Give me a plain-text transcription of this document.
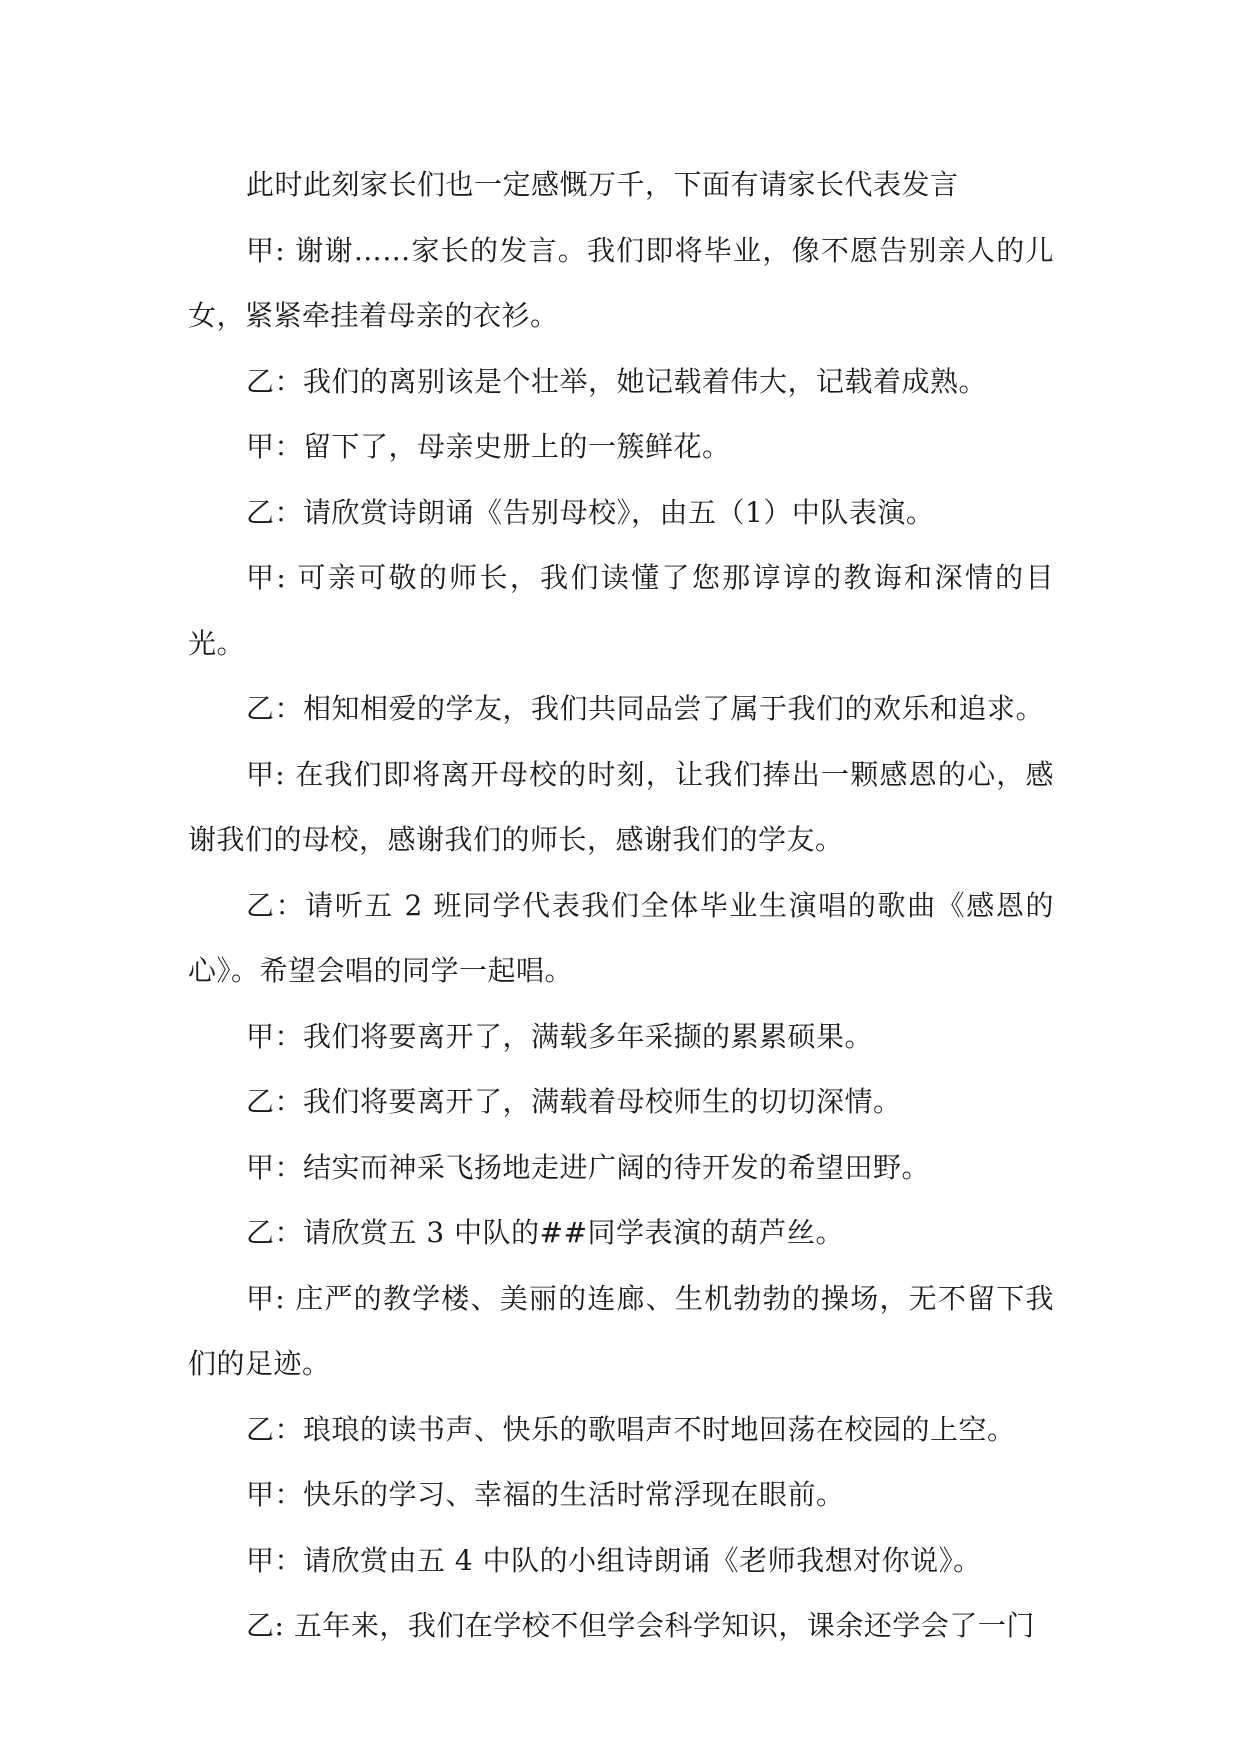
此时此刻家长们也一定感慨万千，下面有请家长代表发言

甲: 谢谢……家长的发言。我们即将毕业，像不愿告别亲人的儿女，紧紧牵挂着母亲的衣衫。

乙：我们的离别该是个壮举，她记载着伟大，记载着成熟。

甲：留下了，母亲史册上的一簇鲜花。

乙：请欣赏诗朗诵《告别母校》，由五（1）中队表演。

甲: 可亲可敬的师长，我们读懂了您那谆谆的教诲和深情的目光。

乙：相知相爱的学友，我们共同品尝了属于我们的欢乐和追求。

甲: 在我们即将离开母校的时刻，让我们捧出一颗感恩的心，感谢我们的母校，感谢我们的师长，感谢我们的学友。

乙：请听五 2 班同学代表我们全体毕业生演唱的歌曲《感恩的心》。希望会唱的同学一起唱。

甲：我们将要离开了，满载多年采撷的累累硕果。

乙：我们将要离开了，满载着母校师生的切切深情。

甲：结实而神采飞扬地走进广阔的待开发的希望田野。

乙：请欣赏五 3 中队的##同学表演的葫芦丝。

甲: 庄严的教学楼、美丽的连廊、生机勃勃的操场，无不留下我们的足迹。

乙：琅琅的读书声、快乐的歌唱声不时地回荡在校园的上空。

甲：快乐的学习、幸福的生活时常浮现在眼前。

甲：请欣赏由五 4 中队的小组诗朗诵《老师我想对你说》。

乙: 五年来，我们在学校不但学会科学知识，课余还学会了一门
